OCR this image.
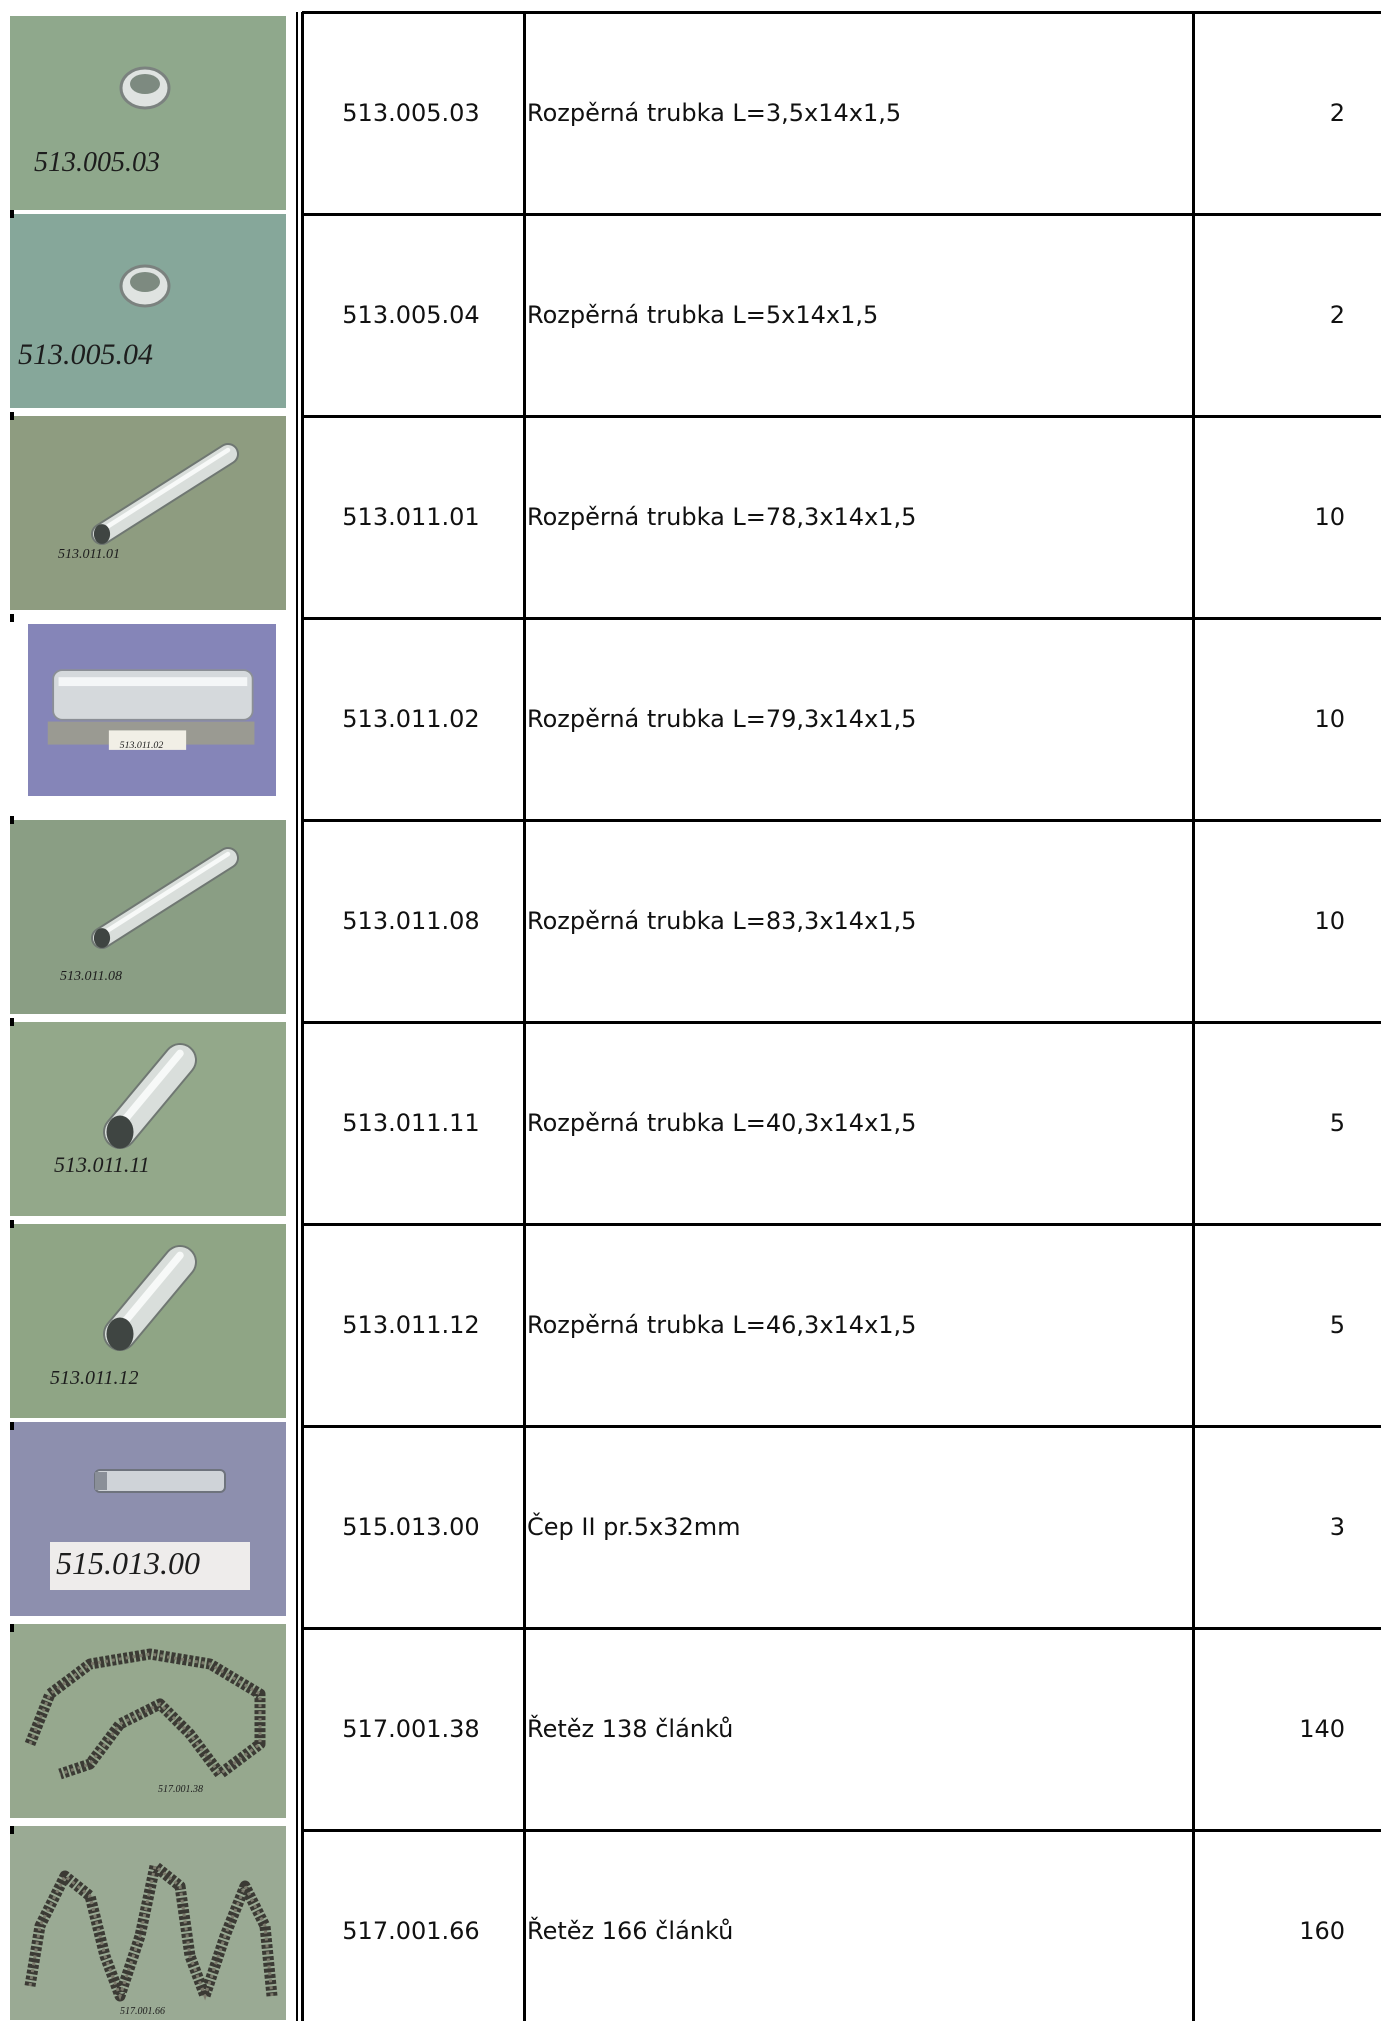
513.005.03
513.005.03	Rozpěrná trubka L=3,5x14x1,5	2
513.005.04
513.005.04	Rozpěrná trubka L=5x14x1,5	2
513.011.01
513.011.01	Rozpěrná trubka L=78,3x14x1,5	10
513.011.02
513.011.02	Rozpěrná trubka L=79,3x14x1,5	10
513.011.08
513.011.08	Rozpěrná trubka L=83,3x14x1,5	10
513.011.11
513.011.11	Rozpěrná trubka L=40,3x14x1,5	5
513.011.12
513.011.12	Rozpěrná trubka L=46,3x14x1,5	5
515.013.00
515.013.00	Čep II pr.5x32mm	3
517.001.38
517.001.38	Řetěz 138 článků	140
517.001.66
517.001.66	Řetěz 166 článků	160
